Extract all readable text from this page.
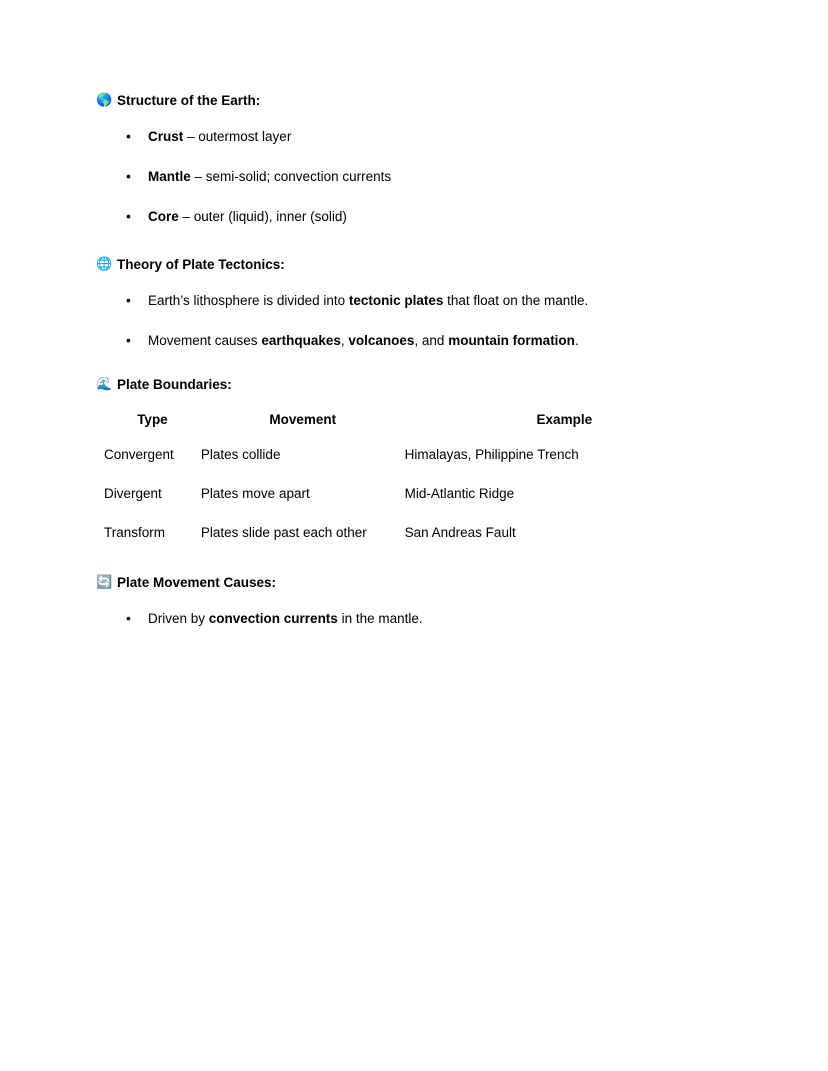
🌎 Structure of the Earth:
• Crust – outermost layer
• Mantle – semi-solid; convection currents
• Core – outer (liquid), inner (solid)
🌐 Theory of Plate Tectonics:
• Earth’s lithosphere is divided into tectonic plates that float on the mantle.
• Movement causes earthquakes, volcanoes, and mountain formation.
🌊 Plate Boundaries:
Type	Movement	Example
Convergent	Plates collide	Himalayas, Philippine Trench
Divergent	Plates move apart	Mid-Atlantic Ridge
Transform	Plates slide past each other	San Andreas Fault
🔄 Plate Movement Causes:
• Driven by convection currents in the mantle.
